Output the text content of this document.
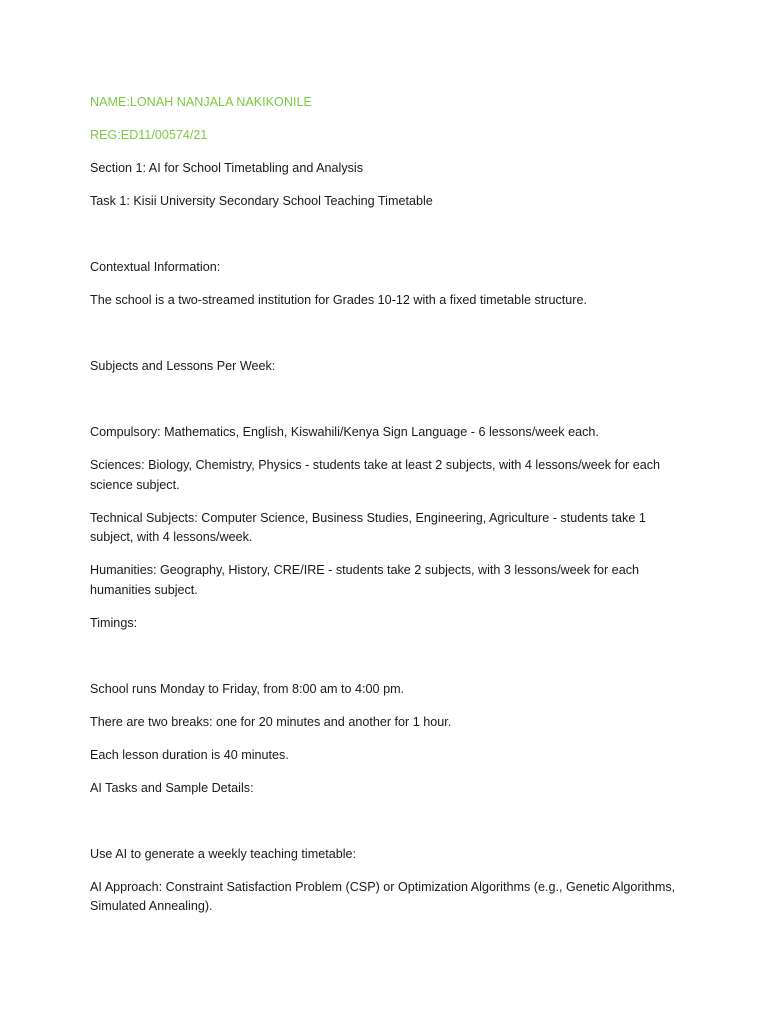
NAME:LONAH NANJALA NAKIKONILE

REG:ED11/00574/21

Section 1: AI for School Timetabling and Analysis

Task 1: Kisii University Secondary School Teaching Timetable

Contextual Information:

The school is a two-streamed institution for Grades 10-12 with a fixed timetable structure.

Subjects and Lessons Per Week:

Compulsory: Mathematics, English, Kiswahili/Kenya Sign Language - 6 lessons/week each.

Sciences: Biology, Chemistry, Physics - students take at least 2 subjects, with 4 lessons/week for each science subject.

Technical Subjects: Computer Science, Business Studies, Engineering, Agriculture - students take 1 subject, with 4 lessons/week.

Humanities: Geography, History, CRE/IRE - students take 2 subjects, with 3 lessons/week for each humanities subject.

Timings:

School runs Monday to Friday, from 8:00 am to 4:00 pm.

There are two breaks: one for 20 minutes and another for 1 hour.

Each lesson duration is 40 minutes.

AI Tasks and Sample Details:

Use AI to generate a weekly teaching timetable:

AI Approach: Constraint Satisfaction Problem (CSP) or Optimization Algorithms (e.g., Genetic Algorithms, Simulated Annealing).
